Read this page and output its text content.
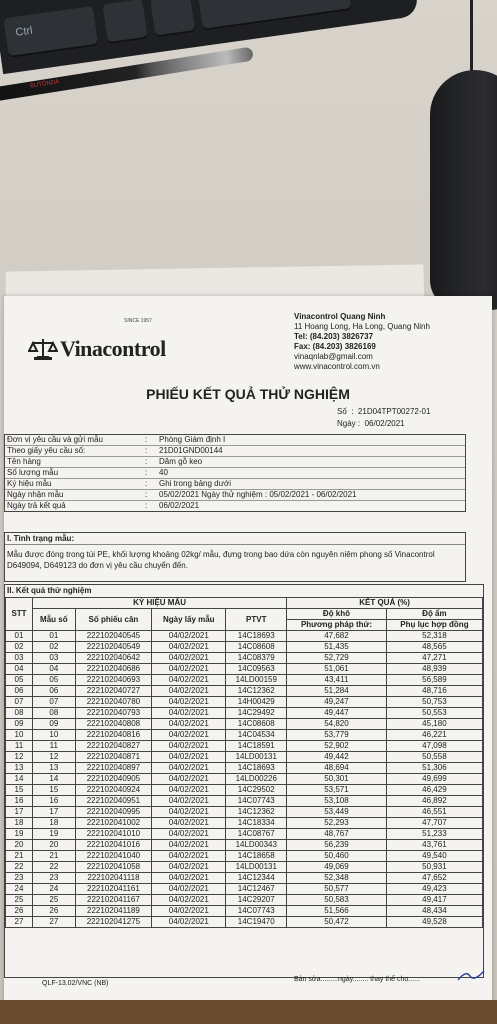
Ctrl
BUTONDA
Vinacontrol
SINCE 1957	Vinacontrol Quang Ninh
11 Hoang Long, Ha Long, Quang Ninh
Tel: (84.203) 3826737
Fax: (84.203) 3826169
vinaqnlab@gmail.com
www.vinacontrol.com.vn
PHIẾU KẾT QUẢ THỬ NGHIỆM
Số  :  21D04TPT00272-01
Ngày : 06/02/2021
Đơn vị yêu cầu và gửi mẫu	:	Phòng Giám định I
Theo giấy yêu cầu số:	:	21D01GND00144
Tên hàng	:	Dăm gỗ keo
Số lượng mẫu	:	40
Ký hiệu mẫu	:	Ghi trong bảng dưới
Ngày nhận mẫu	:	05/02/2021 Ngày thử nghiệm : 05/02/2021 - 06/02/2021
Ngày trả kết quả	:	06/02/2021
I. Tình trạng mẫu:
Mẫu được đóng trong túi PE, khối lượng khoảng 02kg/ mẫu, đựng trong bao dứa còn nguyên niêm phong số Vinacontrol D649094, D649123 do đơn vị yêu cầu chuyển đến.
II. Kết quả thử nghiệm
STT	KÝ HIỆU MẪU				KẾT QUẢ (%)	
	Mẫu số	Số phiếu cân	Ngày lấy mẫu	PTVT	Độ khô	Độ ẩm
					Phương pháp thử:	Phụ lục hợp đồng
01	01	222102040545	04/02/2021	14C18693	47,682	52,318
02	02	222102040549	04/02/2021	14C08608	51,435	48,565
03	03	222102040642	04/02/2021	14C08379	52,729	47,271
04	04	222102040686	04/02/2021	14C09563	51,061	48,939
05	05	222102040693	04/02/2021	14LD00159	43,411	56,589
06	06	222102040727	04/02/2021	14C12362	51,284	48,716
07	07	222102040780	04/02/2021	14H00429	49,247	50,753
08	08	222102040793	04/02/2021	14C29492	49,447	50,553
09	09	222102040808	04/02/2021	14C08608	54,820	45,180
10	10	222102040816	04/02/2021	14C04534	53,779	46,221
11	11	222102040827	04/02/2021	14C18591	52,902	47,098
12	12	222102040871	04/02/2021	14LD00131	49,442	50,558
13	13	222102040897	04/02/2021	14C18693	48,694	51,306
14	14	222102040905	04/02/2021	14LD00226	50,301	49,699
15	15	222102040924	04/02/2021	14C29502	53,571	46,429
16	16	222102040951	04/02/2021	14C07743	53,108	46,892
17	17	222102040995	04/02/2021	14C12362	53,449	46,551
18	18	222102041002	04/02/2021	14C18334	52,293	47,707
19	19	222102041010	04/02/2021	14C08767	48,767	51,233
20	20	222102041016	04/02/2021	14LD00343	56,239	43,761
21	21	222102041040	04/02/2021	14C18658	50,460	49,540
22	22	222102041058	04/02/2021	14LD00131	49,069	50,931
23	23	222102041118	04/02/2021	14C12344	52,348	47,652
24	24	222102041161	04/02/2021	14C12467	50,577	49,423
25	25	222102041167	04/02/2021	14C29207	50,583	49,417
26	26	222102041189	04/02/2021	14C07743	51,566	48,434
27	27	222102041275	04/02/2021	14C19470	50,472	49,528
QLF-13.02/VNC (NB)
Bản sửa.........ngày........ thay thế cho......
